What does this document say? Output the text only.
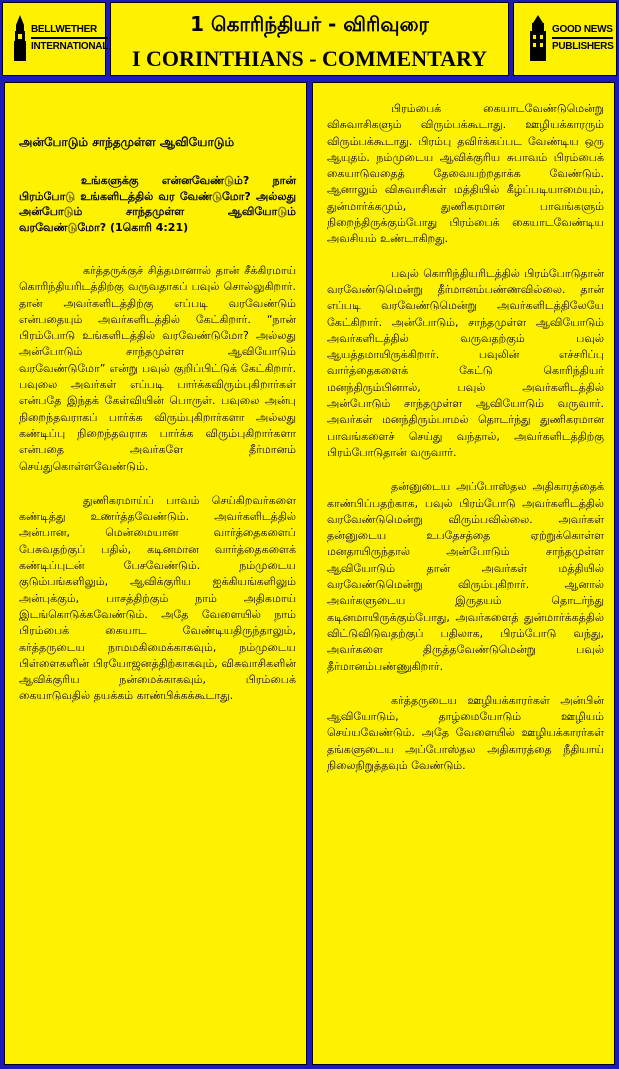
BELLWETHER
INTERNATIONAL
1 கொரிந்தியர் - விரிவுரை
I CORINTHIANS - COMMENTARY
GOOD NEWS
PUBLISHERS
அன்போடும் சாந்தமுள்ள ஆவியோடும்

உங்களுக்கு என்னவேண்டும்? நான் பிரம்போடு உங்களிடத்தில் வர வேண்டுமோ? அல்லது அன்போடும் சாந்தமுள்ள ஆவியோடும் வரவேண்டுமோ? (1கொரி 4:21)

கர்த்தருக்குச் சித்தமானால் தான் சீக்கிரமாய் கொரிந்தியரிடத்திற்கு வருவதாகப் பவுல் சொல்லுகிறார். தான் அவர்களிடத்திற்கு எப்படி வரவேண்டும் என்பதையும் அவர்களிடத்தில் கேட்கிறார். “நான் பிரம்போடு உங்களிடத்தில் வரவேண்டுமோ? அல்லது அன்போடும் சாந்தமுள்ள ஆவியோடும் வரவேண்டுமோ” என்று பவுல் குறிப்பிட்டுக் கேட்கிறார். பவுலை அவர்கள் எப்படி பார்க்கவிரும்புகிறார்கள் என்பதே இந்தக் கேள்வியின் பொருள். பவுலை அன்பு நிறைந்தவராகப் பார்க்க விரும்புகிறார்களா அல்லது கண்டிப்பு நிறைந்தவராக பார்க்க விரும்புகிறார்களா என்பதை அவர்களே தீர்மானம் செய்துகொள்ளவேண்டும்.

துணிகரமாய்ப் பாவம் செய்கிறவர்களை கண்டித்து உணர்த்தவேண்டும். அவர்களிடத்தில் அன்பான, மென்மையான வார்த்தைகளைப் பேசுவதற்குப் பதில், கடினமான வார்த்தைகளைக் கண்டிப்புடன் பேசவேண்டும். நம்முடைய குடும்பங்களிலும், ஆவிக்குரிய ஐக்கியங்களிலும் அன்புக்கும், பாசத்திற்கும் நாம் அதிகமாய் இடங்கொடுக்கவேண்டும். அதே வேளையில் நாம் பிரம்பைக் கையாட வேண்டியதிருந்தாலும், கர்த்தருடைய நாமமகிமைக்காகவும், நம்முடைய பிள்ளைகளின் பிரயோஜனத்திற்காகவும், விசுவாசிகளின் ஆவிக்குரிய நன்மைக்காகவும், பிரம்பைக் கையாடுவதில் தயக்கம் காண்பிக்கக்கூடாது.

பிரம்பைக் கையாடவேண்டுமென்று விசுவாசிகளும் விரும்பக்கூடாது. ஊழியக்காரரும் விரும்பக்கூடாது. பிரம்பு தவிர்க்கப்பட வேண்டிய ஒரு ஆயுதம். நம்முடைய ஆவிக்குரிய சுபாவம் பிரம்பைக் கையாடுவதைத் தேவையற்றதாக்க வேண்டும். ஆனாலும் விசுவாசிகள் மத்தியில் கீழ்ப்படியாமையும், துன்மார்க்கமும், துணிகரமான பாவங்களும் நிறைந்திருக்கும்போது பிரம்பைக் கையாடவேண்டிய அவசியம் உண்டாகிறது.

பவுல் கொரிந்தியரிடத்தில் பிரம்போடுதான் வரவேண்டுமென்று தீர்மானம்பண்ணவில்லை. தான் எப்படி வரவேண்டுமென்று அவர்களிடத்திலேயே கேட்கிறார். அன்போடும், சாந்தமுள்ள ஆவியோடும் அவர்களிடத்தில் வருவதற்கும் பவுல் ஆயத்தமாயிருக்கிறார். பவுலின் எச்சரிப்பு வார்த்தைகளைக் கேட்டு கொரிந்தியர் மனந்திரும்பினால், பவுல் அவர்களிடத்தில் அன்போடும் சாந்தமுள்ள ஆவியோடும் வருவார். அவர்கள் மனந்திரும்பாமல் தொடர்ந்து துணிகரமான பாவங்களைச் செய்து வந்தால், அவர்களிடத்திற்கு பிரம்போடுதான் வருவார்.

தன்னுடைய அப்போஸ்தல அதிகாரத்தைக் காண்பிப்பதற்காக, பவுல் பிரம்போடு அவர்களிடத்தில் வரவேண்டுமென்று விரும்பவில்லை. அவர்கள் தன்னுடைய உபதேசத்தை ஏற்றுக்கொள்ள மனதாயிருந்தால் அன்போடும் சாந்தமுள்ள ஆவியோடும் தான் அவர்கள் மத்தியில் வரவேண்டுமென்று விரும்புகிறார். ஆனால் அவர்களுடைய இருதயம் தொடர்ந்து கடினமாயிருக்கும்போது, அவர்களைத் துன்மார்க்கத்தில் விட்டுவிடுவதற்குப் பதிலாக, பிரம்போடு வந்து, அவர்களை திருத்தவேண்டுமென்று பவுல் தீர்மானம்பண்ணுகிறார்.

கர்த்தருடைய ஊழியக்காரர்கள் அன்பின் ஆவியோடும், தாழ்மையோடும் ஊழியம் செய்யவேண்டும். அதே வேளையில் ஊழியக்காரர்கள் தங்களுடைய அப்போஸ்தல அதிகாரத்தை நீதியாய் நிலைநிறுத்தவும் வேண்டும்.
